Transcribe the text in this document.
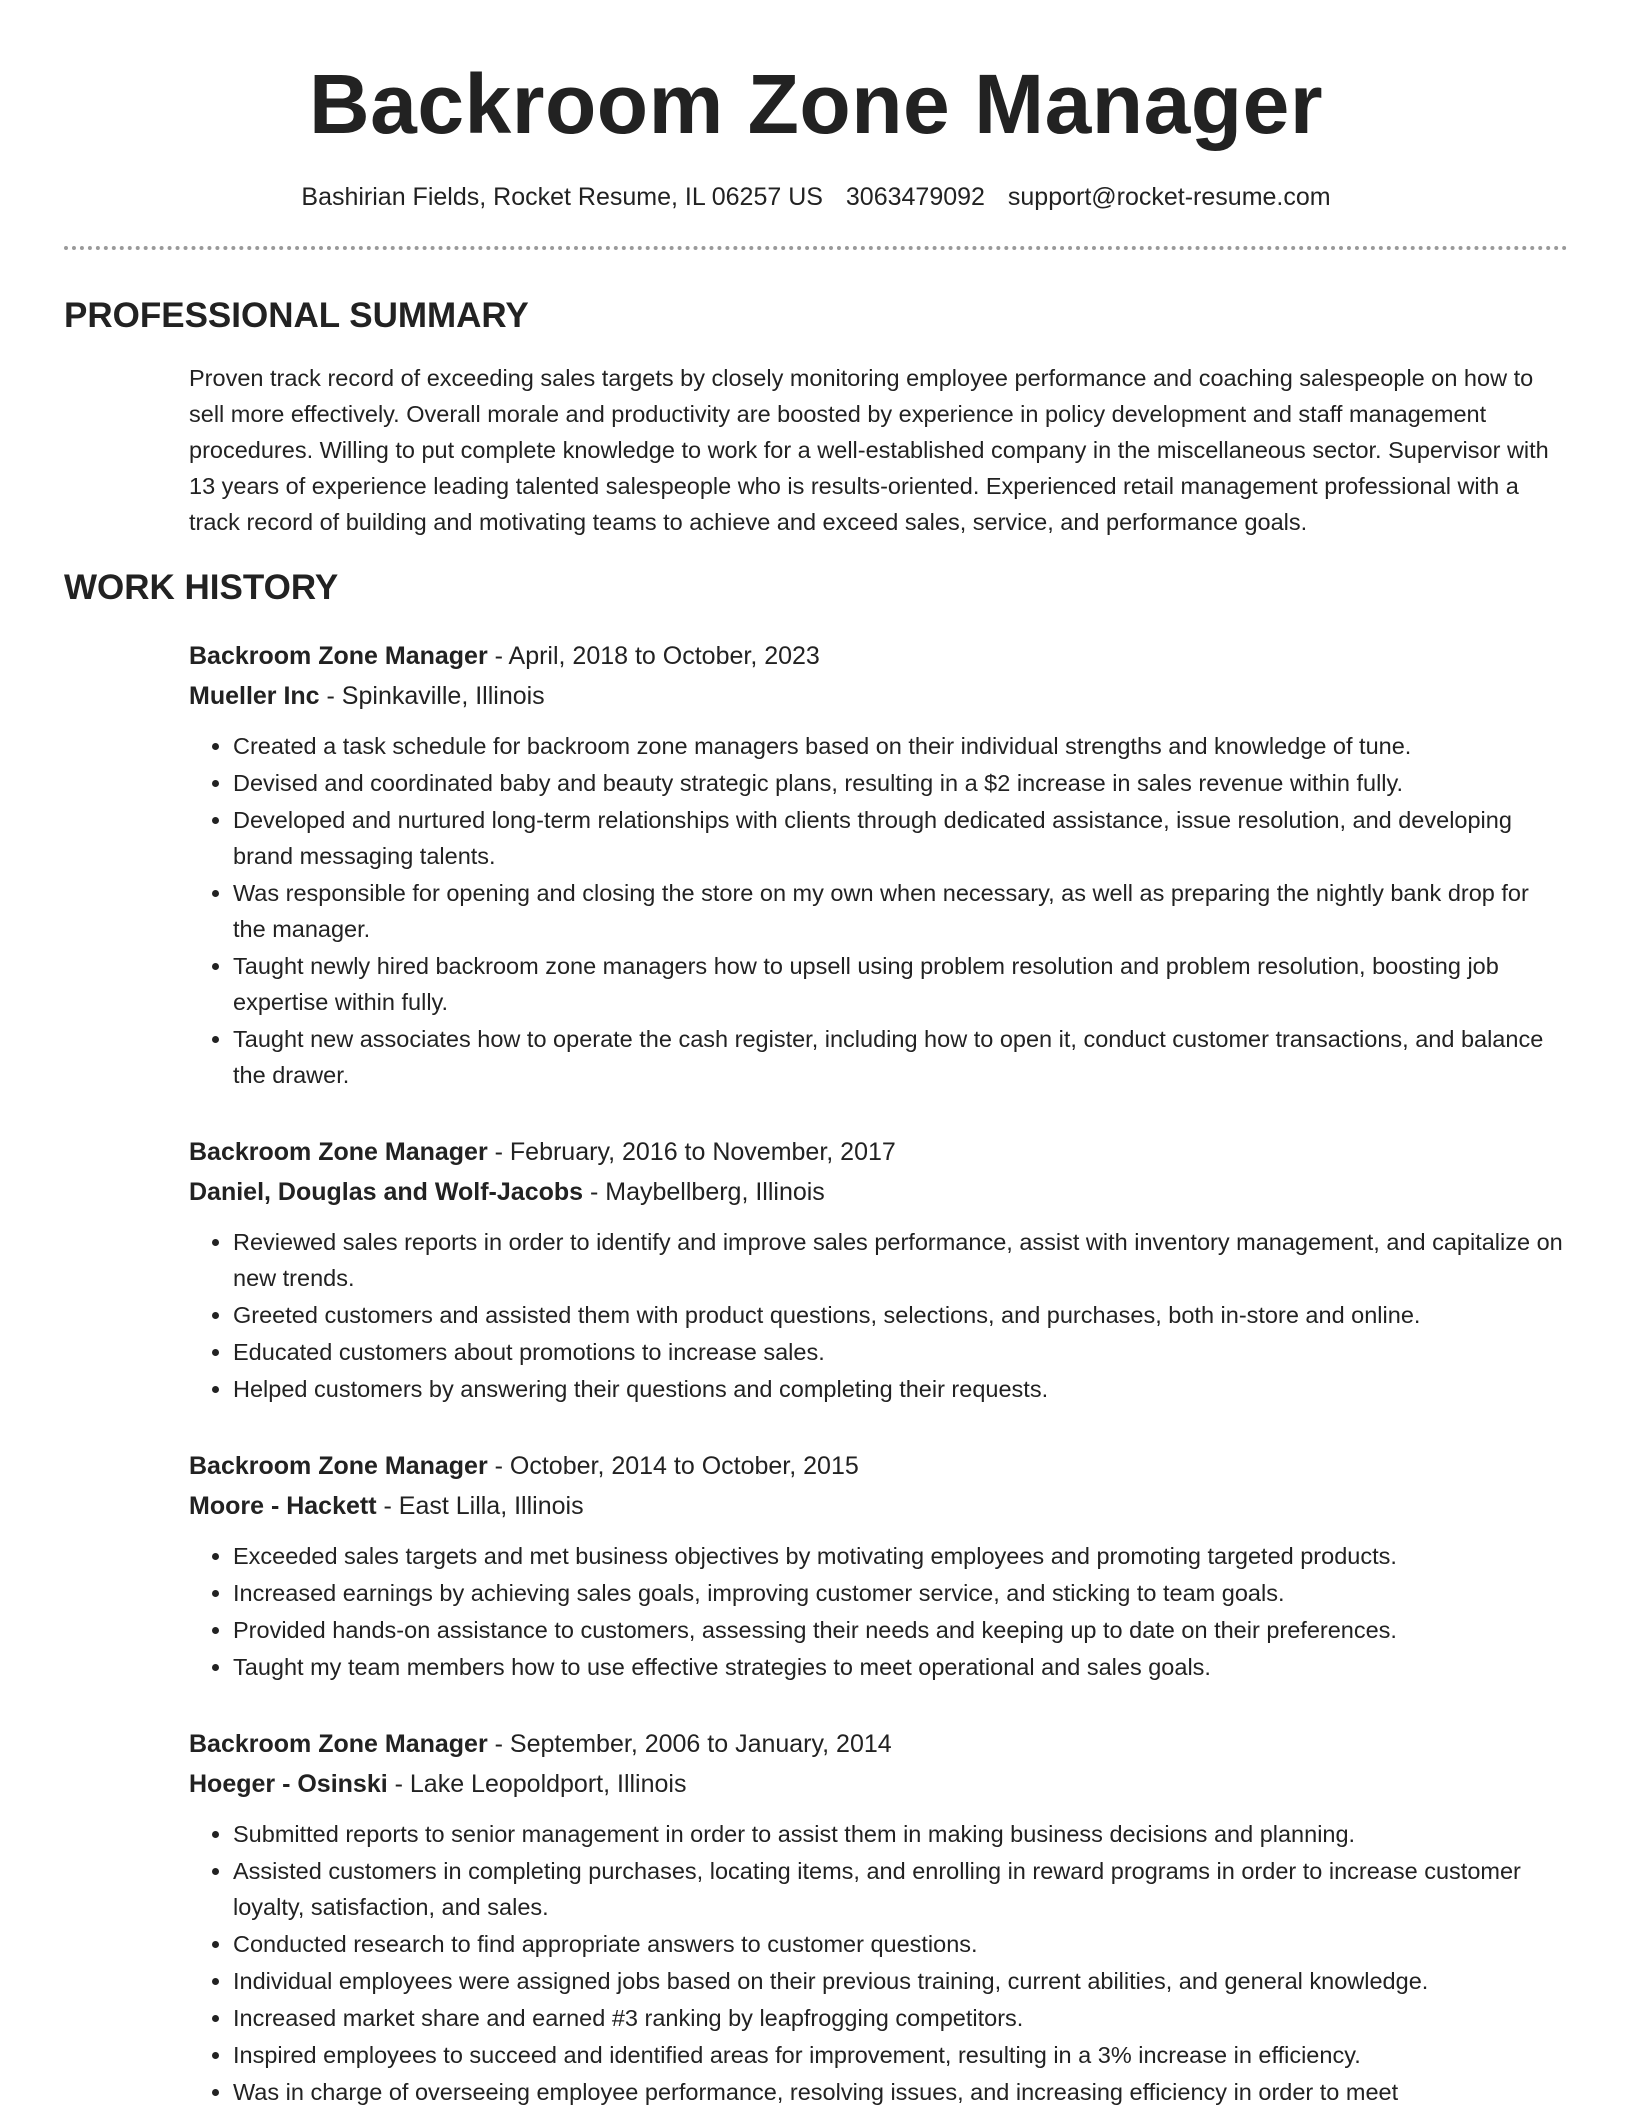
Backroom Zone Manager
Bashirian Fields, Rocket Resume, IL 06257 US 3063479092 support@rocket-resume.com
PROFESSIONAL SUMMARY

Proven track record of exceeding sales targets by closely monitoring employee performance and coaching salespeople on how to sell more effectively. Overall morale and productivity are boosted by experience in policy development and staff management procedures. Willing to put complete knowledge to work for a well-established company in the miscellaneous sector. Supervisor with 13 years of experience leading talented salespeople who is results-oriented. Experienced retail management professional with a track record of building and motivating teams to achieve and exceed sales, service, and performance goals.

WORK HISTORY
Backroom Zone Manager - April, 2018 to October, 2023
Mueller Inc - Spinkaville, Illinois
• Created a task schedule for backroom zone managers based on their individual strengths and knowledge of tune.
• Devised and coordinated baby and beauty strategic plans, resulting in a $2 increase in sales revenue within fully.
• Developed and nurtured long-term relationships with clients through dedicated assistance, issue resolution, and developing brand messaging talents.
• Was responsible for opening and closing the store on my own when necessary, as well as preparing the nightly bank drop for the manager.
• Taught newly hired backroom zone managers how to upsell using problem resolution and problem resolution, boosting job expertise within fully.
• Taught new associates how to operate the cash register, including how to open it, conduct customer transactions, and balance the drawer.
Backroom Zone Manager - February, 2016 to November, 2017
Daniel, Douglas and Wolf-Jacobs - Maybellberg, Illinois
• Reviewed sales reports in order to identify and improve sales performance, assist with inventory management, and capitalize on new trends.
• Greeted customers and assisted them with product questions, selections, and purchases, both in-store and online.
• Educated customers about promotions to increase sales.
• Helped customers by answering their questions and completing their requests.
Backroom Zone Manager - October, 2014 to October, 2015
Moore - Hackett - East Lilla, Illinois
• Exceeded sales targets and met business objectives by motivating employees and promoting targeted products.
• Increased earnings by achieving sales goals, improving customer service, and sticking to team goals.
• Provided hands-on assistance to customers, assessing their needs and keeping up to date on their preferences.
• Taught my team members how to use effective strategies to meet operational and sales goals.
Backroom Zone Manager - September, 2006 to January, 2014
Hoeger - Osinski - Lake Leopoldport, Illinois
• Submitted reports to senior management in order to assist them in making business decisions and planning.
• Assisted customers in completing purchases, locating items, and enrolling in reward programs in order to increase customer loyalty, satisfaction, and sales.
• Conducted research to find appropriate answers to customer questions.
• Individual employees were assigned jobs based on their previous training, current abilities, and general knowledge.
• Increased market share and earned #3 ranking by leapfrogging competitors.
• Inspired employees to succeed and identified areas for improvement, resulting in a 3% increase in efficiency.
• Was in charge of overseeing employee performance, resolving issues, and increasing efficiency in order to meet
